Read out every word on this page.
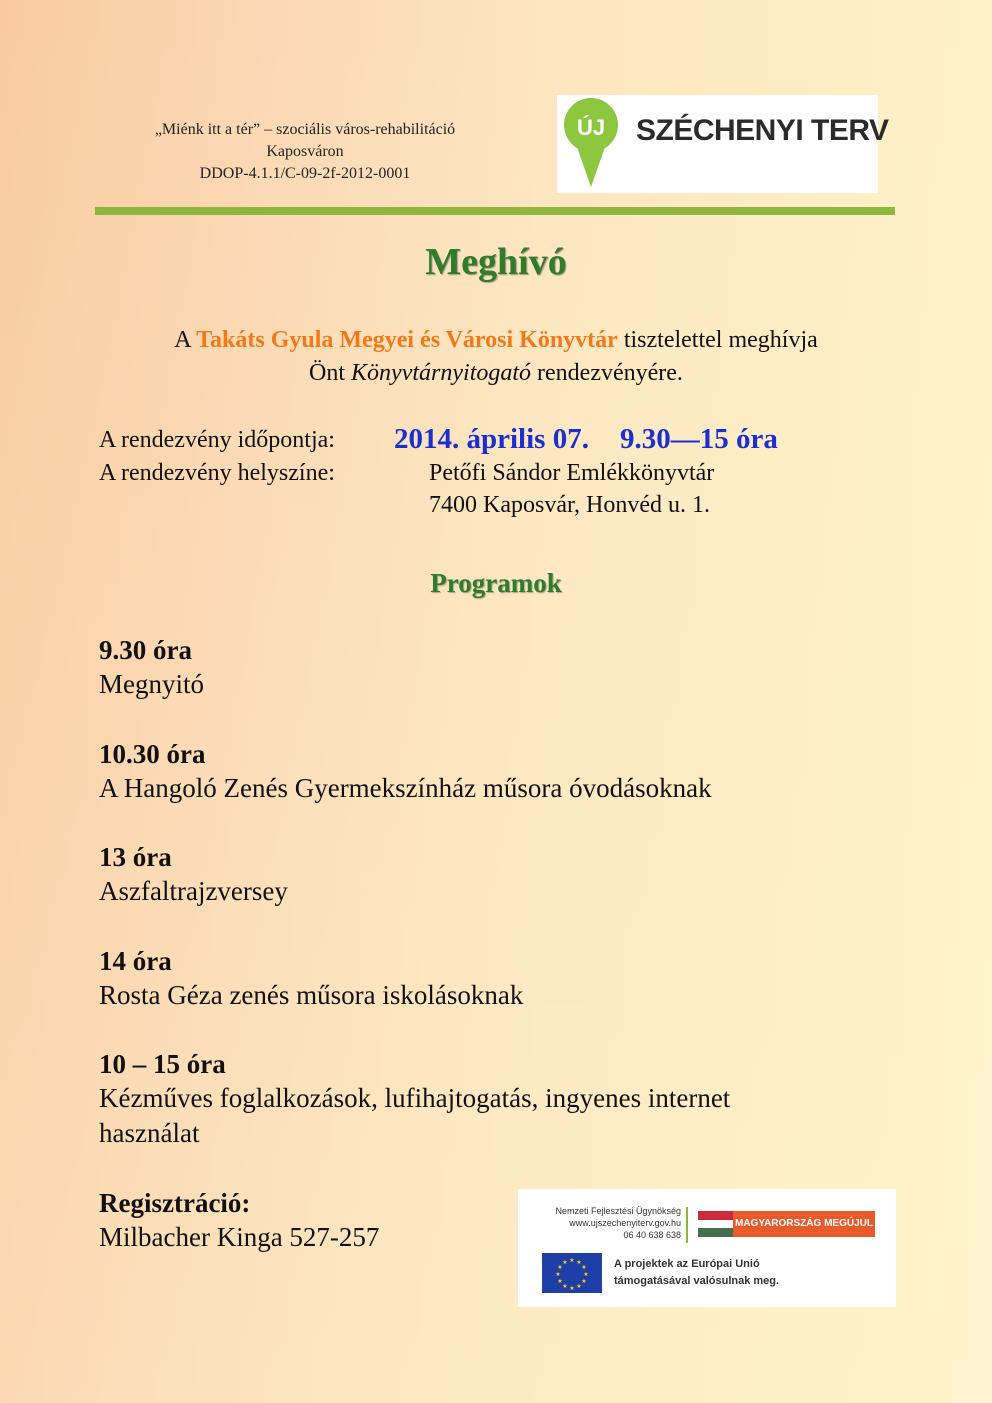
„Miénk itt a tér” – szociális város-rehabilitáció
Kaposváron
DDOP-4.1.1/C-09-2f-2012-0001
ÚJ SZÉCHENYI TERV
Meghívó
A Takáts Gyula Megyei és Városi Könyvtár tisztelettel meghívja
Önt Könyvtárnyitogató rendezvényére.
A rendezvény időpontja: 2014. április 07. 9.30—15 óra
A rendezvény helyszíne:	Petőfi Sándor Emlékkönyvtár
7400 Kaposvár, Honvéd u. 1.
Programok
9.30 óra
Megnyitó
10.30 óra
A Hangoló Zenés Gyermekszínház műsora óvodásoknak
13 óra
Aszfaltrajzversey
14 óra
Rosta Géza zenés műsora iskolásoknak
10 – 15 óra
Kézműves foglalkozások, lufihajtogatás, ingyenes internet használat
Regisztráció:
Milbacher Kinga 527-257
Nemzeti Fejlesztési Ügynökség
www.ujszechenyiterv.gov.hu
06 40 638 638
MAGYARORSZÁG MEGÚJUL
★ ★
★
★
★
★
★
★
★
★
★
★	A projektek az Európai Unió
támogatásával valósulnak meg.
